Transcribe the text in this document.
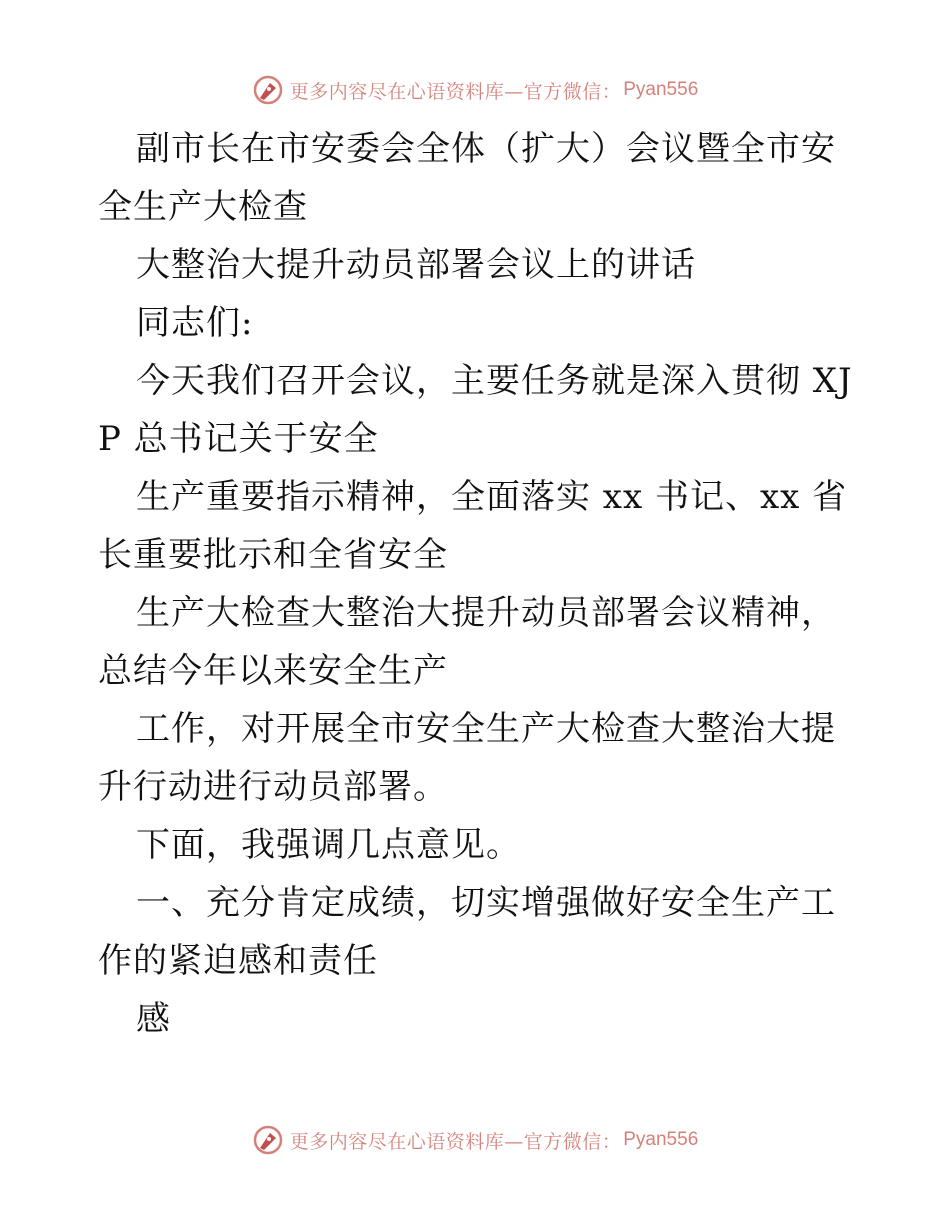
更多内容尽在心语资料库—官方微信： Pyan556

副市长在市安委会全体（扩大）会议暨全市安全生产大检查

大整治大提升动员部署会议上的讲话

同志们:

今天我们召开会议，主要任务就是深入贯彻 XJP 总书记关于安全

生产重要指示精神，全面落实 xx 书记、xx 省长重要批示和全省安全

生产大检查大整治大提升动员部署会议精神，总结今年以来安全生产

工作，对开展全市安全生产大检查大整治大提升行动进行动员部署。

下面，我强调几点意见。

一、充分肯定成绩，切实增强做好安全生产工作的紧迫感和责任

感

更多内容尽在心语资料库—官方微信： Pyan556
